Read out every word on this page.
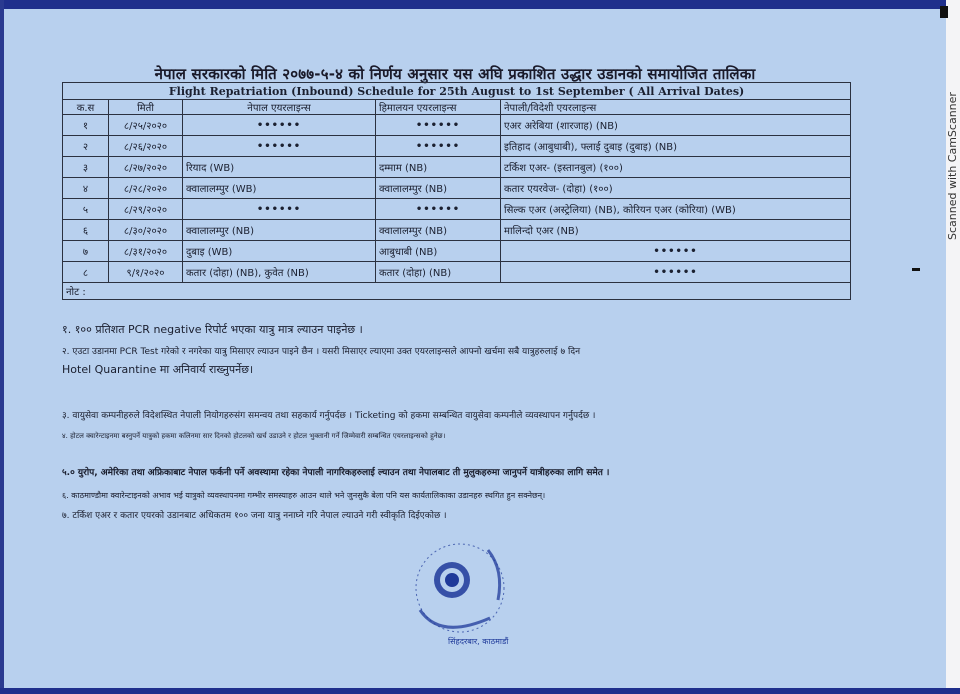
Scanned with CamScanner
नेपाल सरकारको मिति २०७७-५-४ को निर्णय अनुसार यस अघि प्रकाशित उद्धार उडानको समायोजित तालिका
Flight Repatriation (Inbound) Schedule for 25th August to 1st September ( All Arrival Dates)				
क.स	मिती	नेपाल एयरलाइन्स	हिमालयन एयरलाइन्स	नेपाली/विदेशी एयरलाइन्स
१	८/२५/२०२०	••••••	••••••	एअर अरेबिया (शारजाह) (NB)
२	८/२६/२०२०	••••••	••••••	इतिहाद (आबुधाबी), फ्लाई दुबाइ (दुबाइ) (NB)
३	८/२७/२०२०	रियाद (WB)	दम्माम (NB)	टर्किश एअर- (इस्तानबुल) (१००)
४	८/२८/२०२०	क्वालालम्पुर (WB)	क्वालालम्पुर (NB)	कतार एयरवेज- (दोहा) (१००)
५	८/२९/२०२०	••••••	••••••	सिल्क एअर (अस्ट्रेलिया) (NB), कोरियन एअर (कोरिया) (WB)
६	८/३०/२०२०	क्वालालम्पुर (NB)	क्वालालम्पुर (NB)	मालिन्दो एअर (NB)
७	८/३१/२०२०	दुबाइ (WB)	आबुधाबी (NB)	••••••
८	९/१/२०२०	कतार (दोहा) (NB), कुवेत (NB)	कतार (दोहा) (NB)	••••••
नोट :				
१. १०० प्रतिशत PCR negative रिपोर्ट भएका यात्रु मात्र ल्याउन पाइनेछ ।
२. एउटा उडानमा PCR Test गरेको र नगरेका यात्रु मिसाएर ल्याउन पाइने छैन । यसरी मिसाएर ल्याएमा उक्त एयरलाइन्सले आफ्नो खर्चमा सबै यात्रुहरुलाई ७ दिन
Hotel Quarantine मा अनिवार्य राख्नुपर्नेछ।
३. वायुसेवा कम्पनीहरुले विदेशस्थित नेपाली नियोगहरुसंग समन्वय तथा सहकार्य गर्नुपर्दछ । Ticketing को हकमा सम्बन्धित वायुसेवा कम्पनीले व्यवस्थापन गर्नुपर्दछ ।
४. होटल क्वारेन्टाइनमा बस्नुपर्ने यात्रुको हकमा कलिनमा सार दिनको होटलको खर्च उडाउने र होटल भुक्तानी गर्ने जिम्मेवारी सम्बन्धित एयरलाइन्सको हुनेछ।
५.० युरोप, अमेरिका तथा अफ्रिकाबाट नेपाल फर्कनी पर्ने अवस्थामा रहेका नेपाली नागरिकहरुलाई ल्याउन तथा नेपालबाट ती मुलुकहरुमा जानुपर्ने यात्रीहरुका लागि समेत ।
६. काठमाण्डौमा क्वारेन्टाइनको अभाव भई यात्रुको व्यवस्थापनमा गम्भीर समस्याहरु आउन थाले भने जुनसुकै बेला पनि यस कार्यतालिकाका उडानहरु स्थगित हुन सक्नेछन्।
७. टर्किश एअर र कतार एयरको उडानबाट अधिकतम १०० जना यात्रु ननाघ्ने गरि नेपाल ल्याउने गरी स्वीकृति दिईएकोछ ।
सिंहदरबार, काठमाडौं
